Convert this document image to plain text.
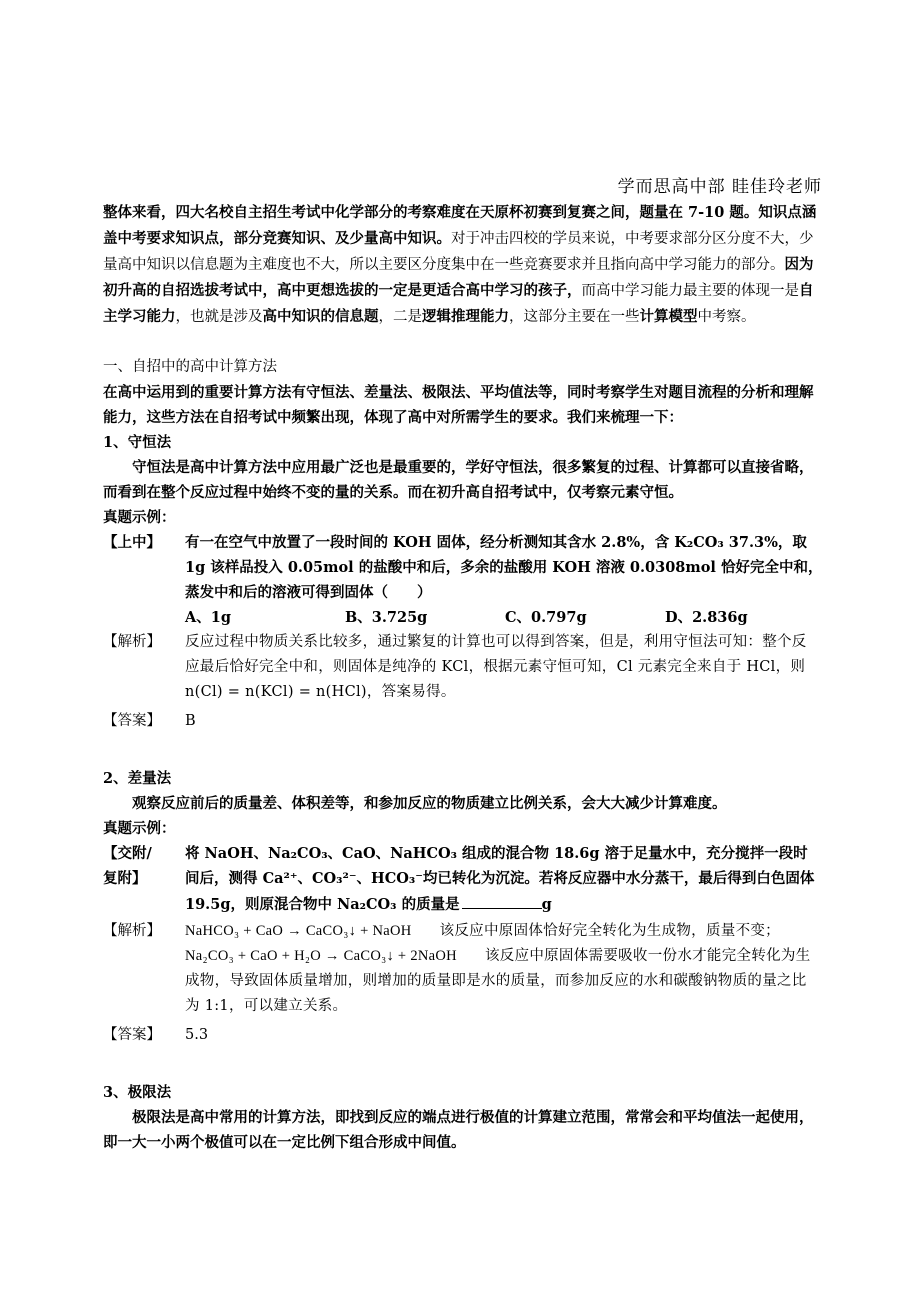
学而思高中部 眭佳玲老师

整体来看，四大名校自主招生考试中化学部分的考察难度在天原杯初赛到复赛之间，题量在 7-10 题。知识点涵盖中考要求知识点，部分竞赛知识、及少量高中知识。对于冲击四校的学员来说，中考要求部分区分度不大，少量高中知识以信息题为主难度也不大，所以主要区分度集中在一些竞赛要求并且指向高中学习能力的部分。因为初升高的自招选拔考试中，高中更想选拔的一定是更适合高中学习的孩子，而高中学习能力最主要的体现一是自主学习能力，也就是涉及高中知识的信息题，二是逻辑推理能力，这部分主要在一些计算模型中考察。

一、自招中的高中计算方法

在高中运用到的重要计算方法有守恒法、差量法、极限法、平均值法等，同时考察学生对题目流程的分析和理解能力，这些方法在自招考试中频繁出现，体现了高中对所需学生的要求。我们来梳理一下：

1、守恒法

守恒法是高中计算方法中应用最广泛也是最重要的，学好守恒法，很多繁复的过程、计算都可以直接省略，而看到在整个反应过程中始终不变的量的关系。而在初升高自招考试中，仅考察元素守恒。

真题示例：

【上中】	有一在空气中放置了一段时间的 KOH 固体，经分析测知其含水 2.8%，含 K₂CO₃ 37.3%，取 1g 该样品投入 0.05mol 的盐酸中和后，多余的盐酸用 KOH 溶液 0.0308mol 恰好完全中和，蒸发中和后的溶液可得到固体（　　）
A、1g	B、3.725g	C、0.797g	D、2.836g
【解析】	反应过程中物质关系比较多，通过繁复的计算也可以得到答案，但是，利用守恒法可知：整个反应最后恰好完全中和，则固体是纯净的 KCl，根据元素守恒可知，Cl 元素完全来自于 HCl，则 n(Cl) = n(KCl) = n(HCl)，答案易得。
【答案】	B

2、差量法

观察反应前后的质量差、体积差等，和参加反应的物质建立比例关系，会大大减少计算难度。

真题示例：

【交附/
复附】
将 NaOH、Na₂CO₃、CaO、NaHCO₃ 组成的混合物 18.6g 溶于足量水中，充分搅拌一段时间后，测得 Ca²⁺、CO₃²⁻、HCO₃⁻均已转化为沉淀。若将反应器中水分蒸干，最后得到白色固体 19.5g，则原混合物中 Na₂CO₃ 的质量是	g
【解析】	NaHCO₃ + CaO → CaCO₃↓ + NaOH 该反应中原固体恰好完全转化为生成物，质量不变；
Na₂CO₃ + CaO + H₂O → CaCO₃↓ + 2NaOH 该反应中原固体需要吸收一份水才能完全转化为生成物，导致固体质量增加，则增加的质量即是水的质量，而参加反应的水和碳酸钠物质的量之比为 1:1，可以建立关系。
【答案】	5.3

3、极限法

极限法是高中常用的计算方法，即找到反应的端点进行极值的计算建立范围，常常会和平均值法一起使用，即一大一小两个极值可以在一定比例下组合形成中间值。
